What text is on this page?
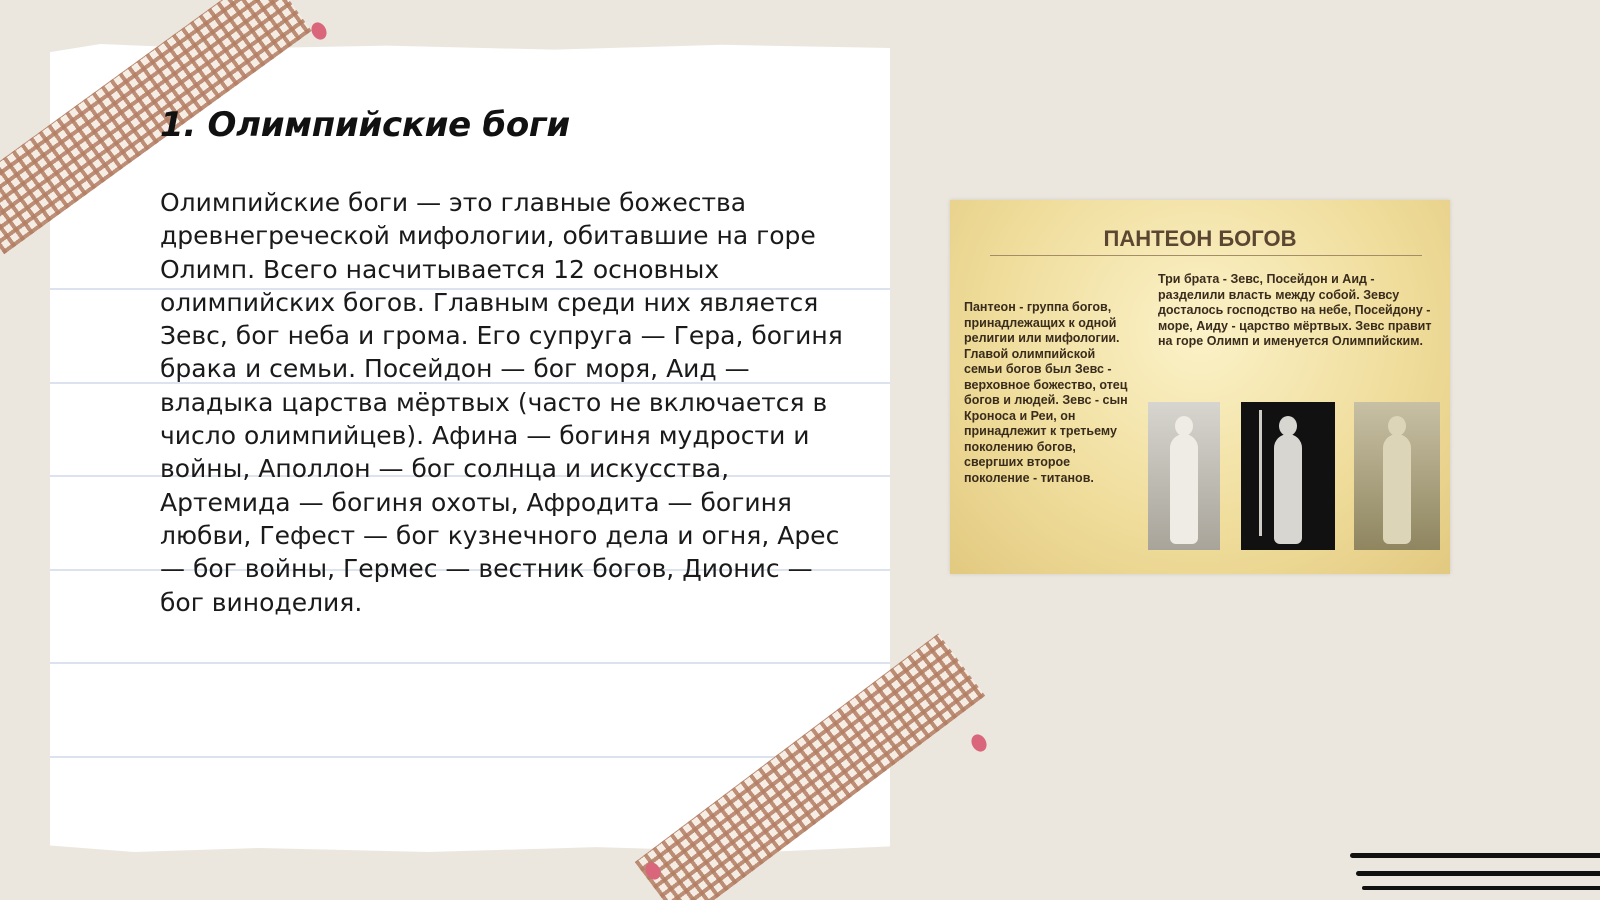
1. Олимпийские боги

Олимпийские боги — это главные божества древнегреческой мифологии, обитавшие на горе Олимп. Всего насчитывается 12 основных олимпийских богов. Главным среди них является Зевс, бог неба и грома. Его супруга — Гера, богиня брака и семьи. Посейдон — бог моря, Аид — владыка царства мёртвых (часто не включается в число олимпийцев). Афина — богиня мудрости и войны, Аполлон — бог солнца и искусства, Артемида — богиня охоты, Афродита — богиня любви, Гефест — бог кузнечного дела и огня, Арес — бог войны, Гермес — вестник богов, Дионис — бог виноделия.

ПАНТЕОН БОГОВ
Три брата - Зевс, Посейдон и Аид - разделили власть между собой. Зевсу досталось господство на небе, Посейдону - море, Аиду - царство мёртвых. Зевс правит на горе Олимп и именуется Олимпийским.
Пантеон - группа богов, принадлежащих к одной религии или мифологии. Главой олимпийской семьи богов был Зевс - верховное божество, отец богов и людей. Зевс - сын Кроноса и Реи, он принадлежит к третьему поколению богов, свергших второе поколение - титанов.
